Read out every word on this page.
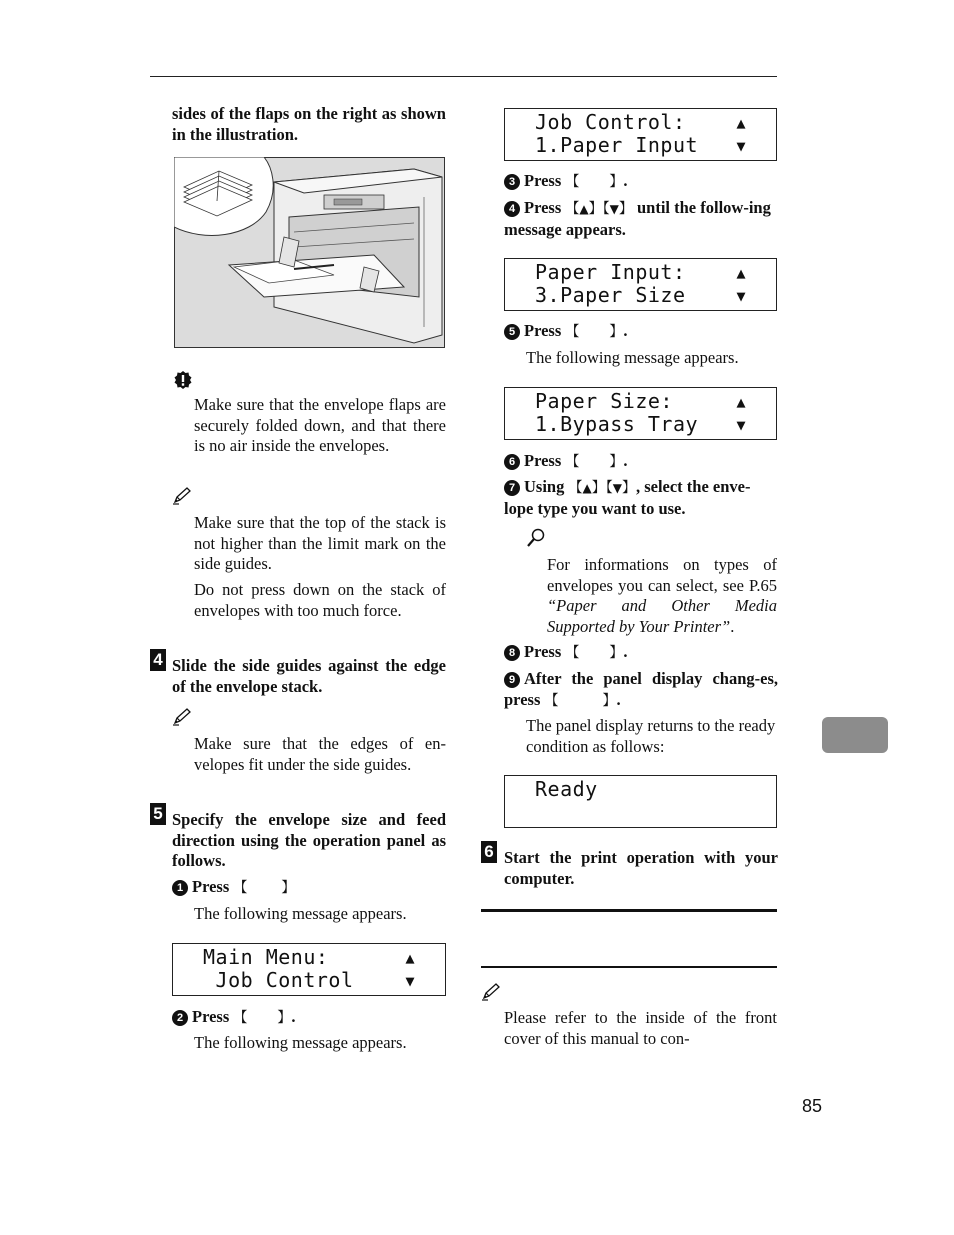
sides of the flaps on the right as shown in the illustration.
Make sure that the envelope flaps are securely folded down, and that there is no air inside the envelopes.
Make sure that the top of the stack is not higher than the limit mark on the side guides.
Do not press down on the stack of envelopes with too much force.
4 Slide the side guides against the edge of the envelope stack.
Make sure that the edges of en-velopes fit under the side guides.
5 Specify the envelope size and feed direction using the operation panel as follows.
1 Press 【 】
The following message appears.
Main Menu:	▲
Job Control	▼
2 Press 【 】.
The following message appears.
Job Control:	▲
1.Paper Input	▼
3 Press 【 】.
4 Press 【▲】【▼】 until the follow-ing message appears.
Paper Input:	▲
3.Paper Size	▼
5 Press 【 】.
The following message appears.
Paper Size:	▲
1.Bypass Tray	▼
6 Press 【 】.
7 Using 【▲】【▼】, select the enve-lope type you want to use.
For informations on types of envelopes you can select, see P.65 “Paper and Other Media Supported by Your Printer”.
8 Press 【 】.
9 After the panel display chang-es, press 【	】.
The panel display returns to the ready condition as follows:
Ready
6 Start the print operation with your computer.
Please refer to the inside of the front cover of this manual to con-
85
